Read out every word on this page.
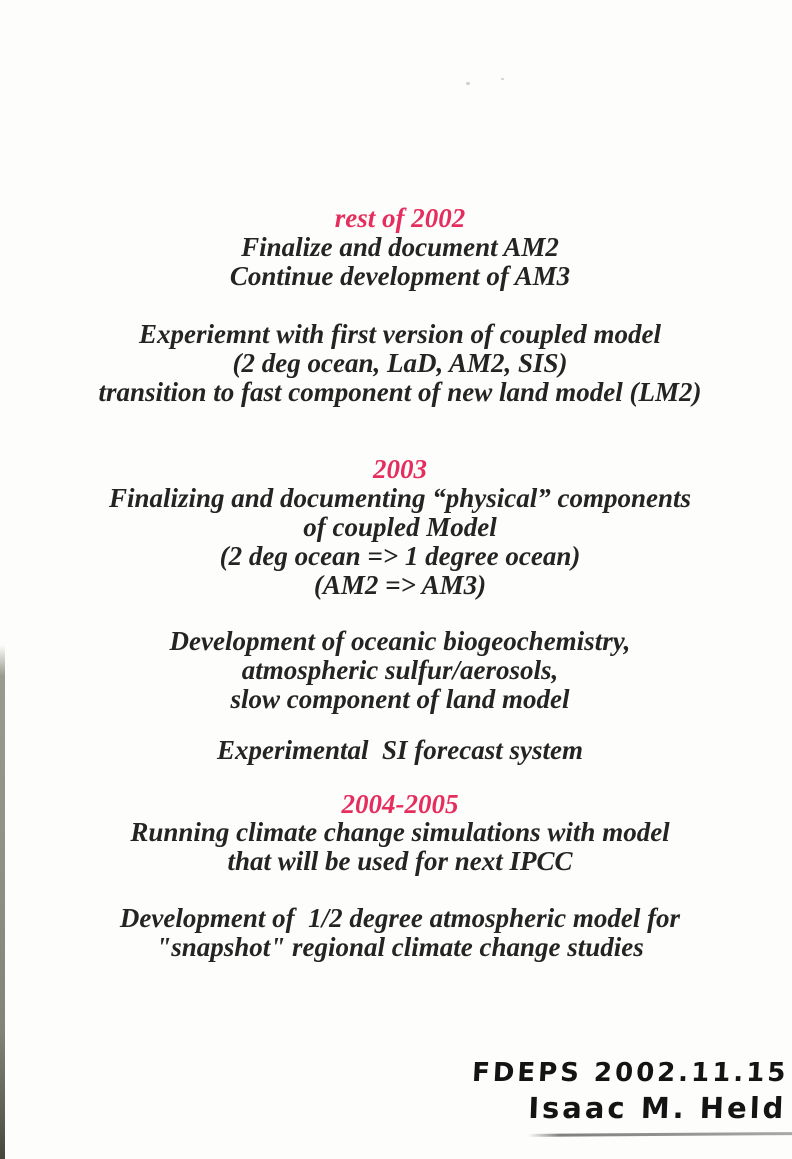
rest of 2002
Finalize and document AM2
Continue development of AM3
Experiemnt with first version of coupled model
(2 deg ocean, LaD, AM2, SIS)
transition to fast component of new land model (LM2)
2003
Finalizing and documenting “physical” components
of coupled Model
(2 deg ocean => 1 degree ocean)
(AM2 => AM3)
Development of oceanic biogeochemistry,
atmospheric sulfur/aerosols,
slow component of land model
Experimental  SI forecast system
2004-2005
Running climate change simulations with model
that will be used for next IPCC
Development of  1/2 degree atmospheric model for
"snapshot" regional climate change studies
FDEPS 2002.11.15
Isaac M. Held
